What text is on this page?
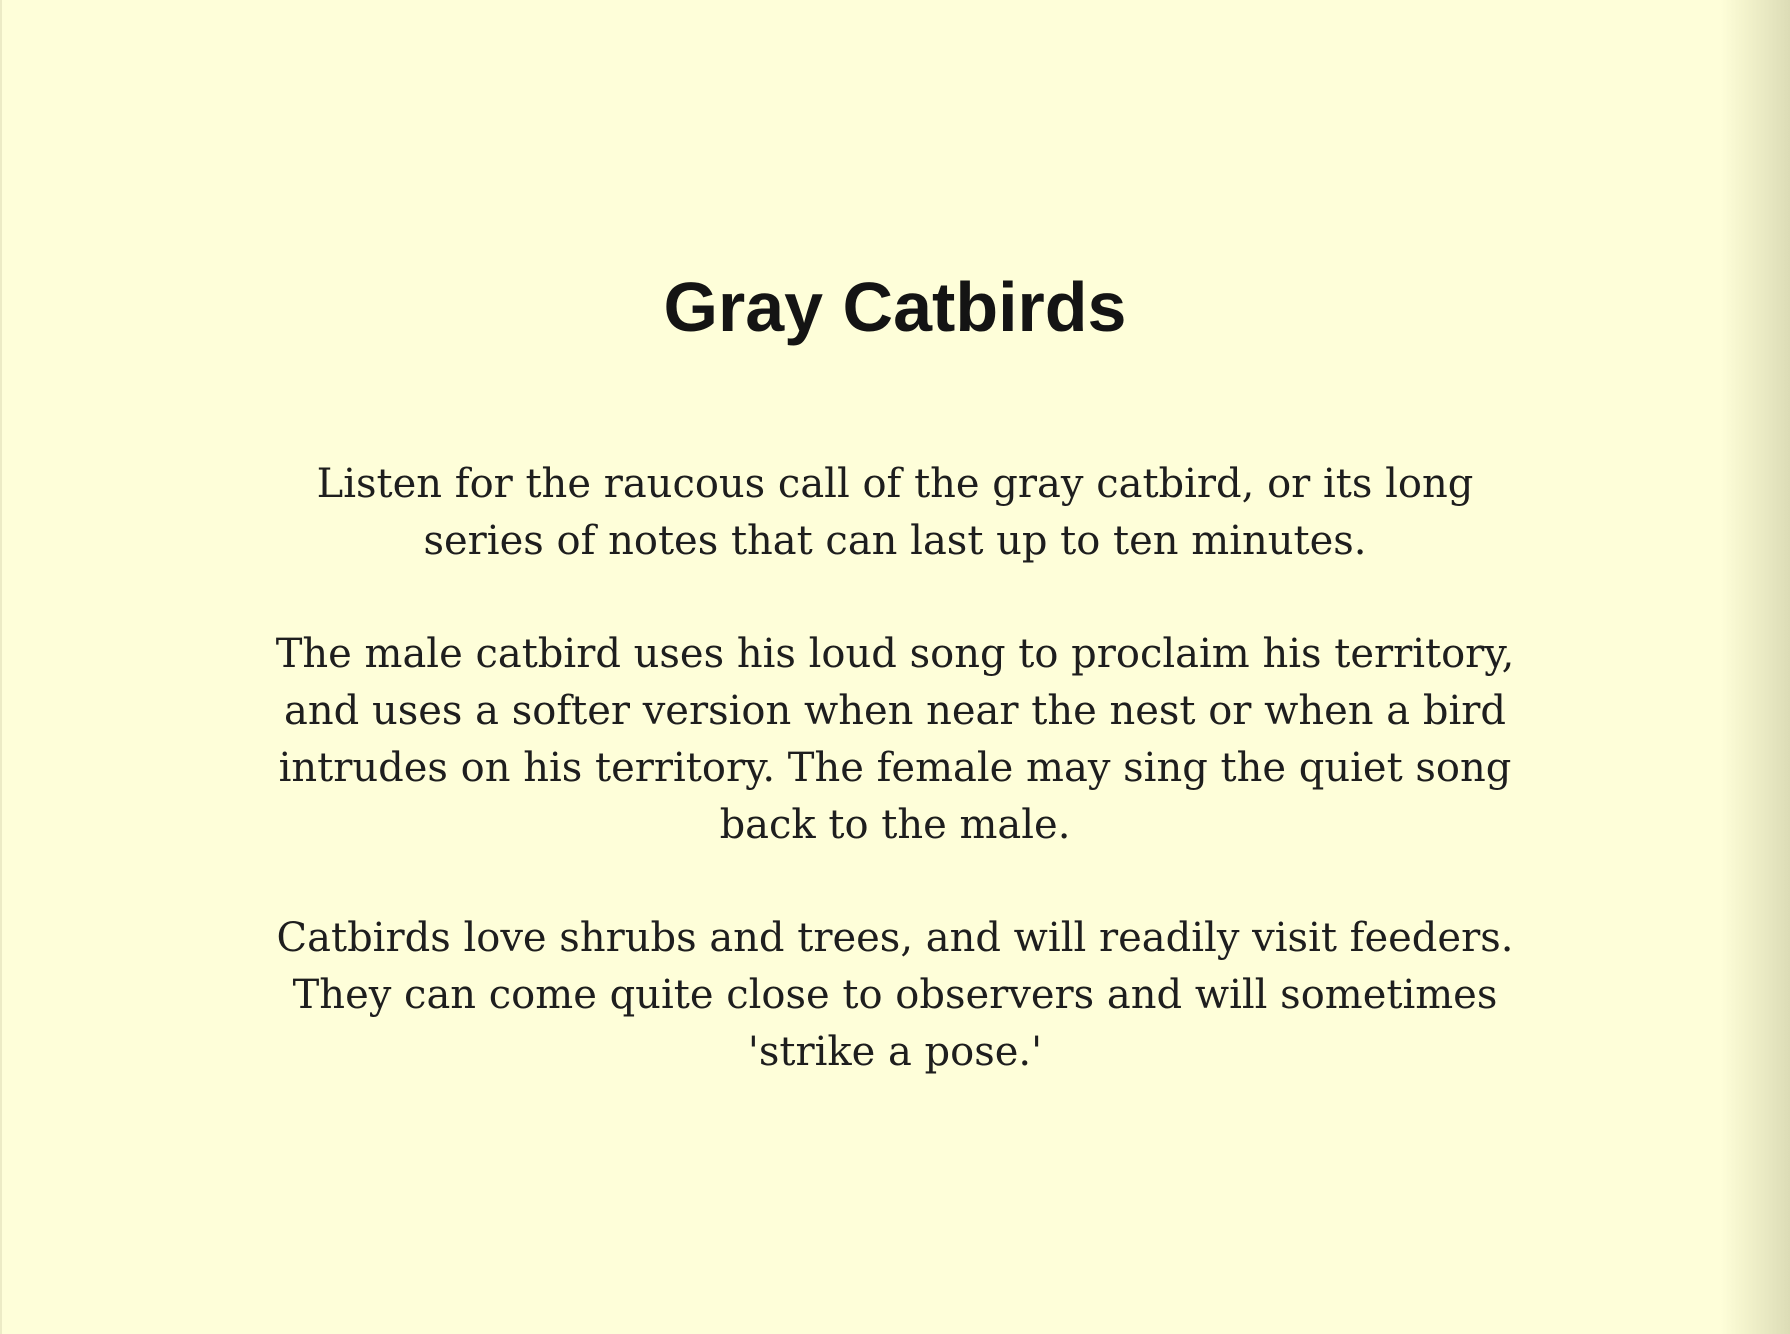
Gray Catbirds

Listen for the raucous call of the gray catbird, or its long series of notes that can last up to ten minutes.

The male catbird uses his loud song to proclaim his territory, and uses a softer version when near the nest or when a bird intrudes on his territory. The female may sing the quiet song back to the male.

Catbirds love shrubs and trees, and will readily visit feeders. They can come quite close to observers and will sometimes 'strike a pose.'
